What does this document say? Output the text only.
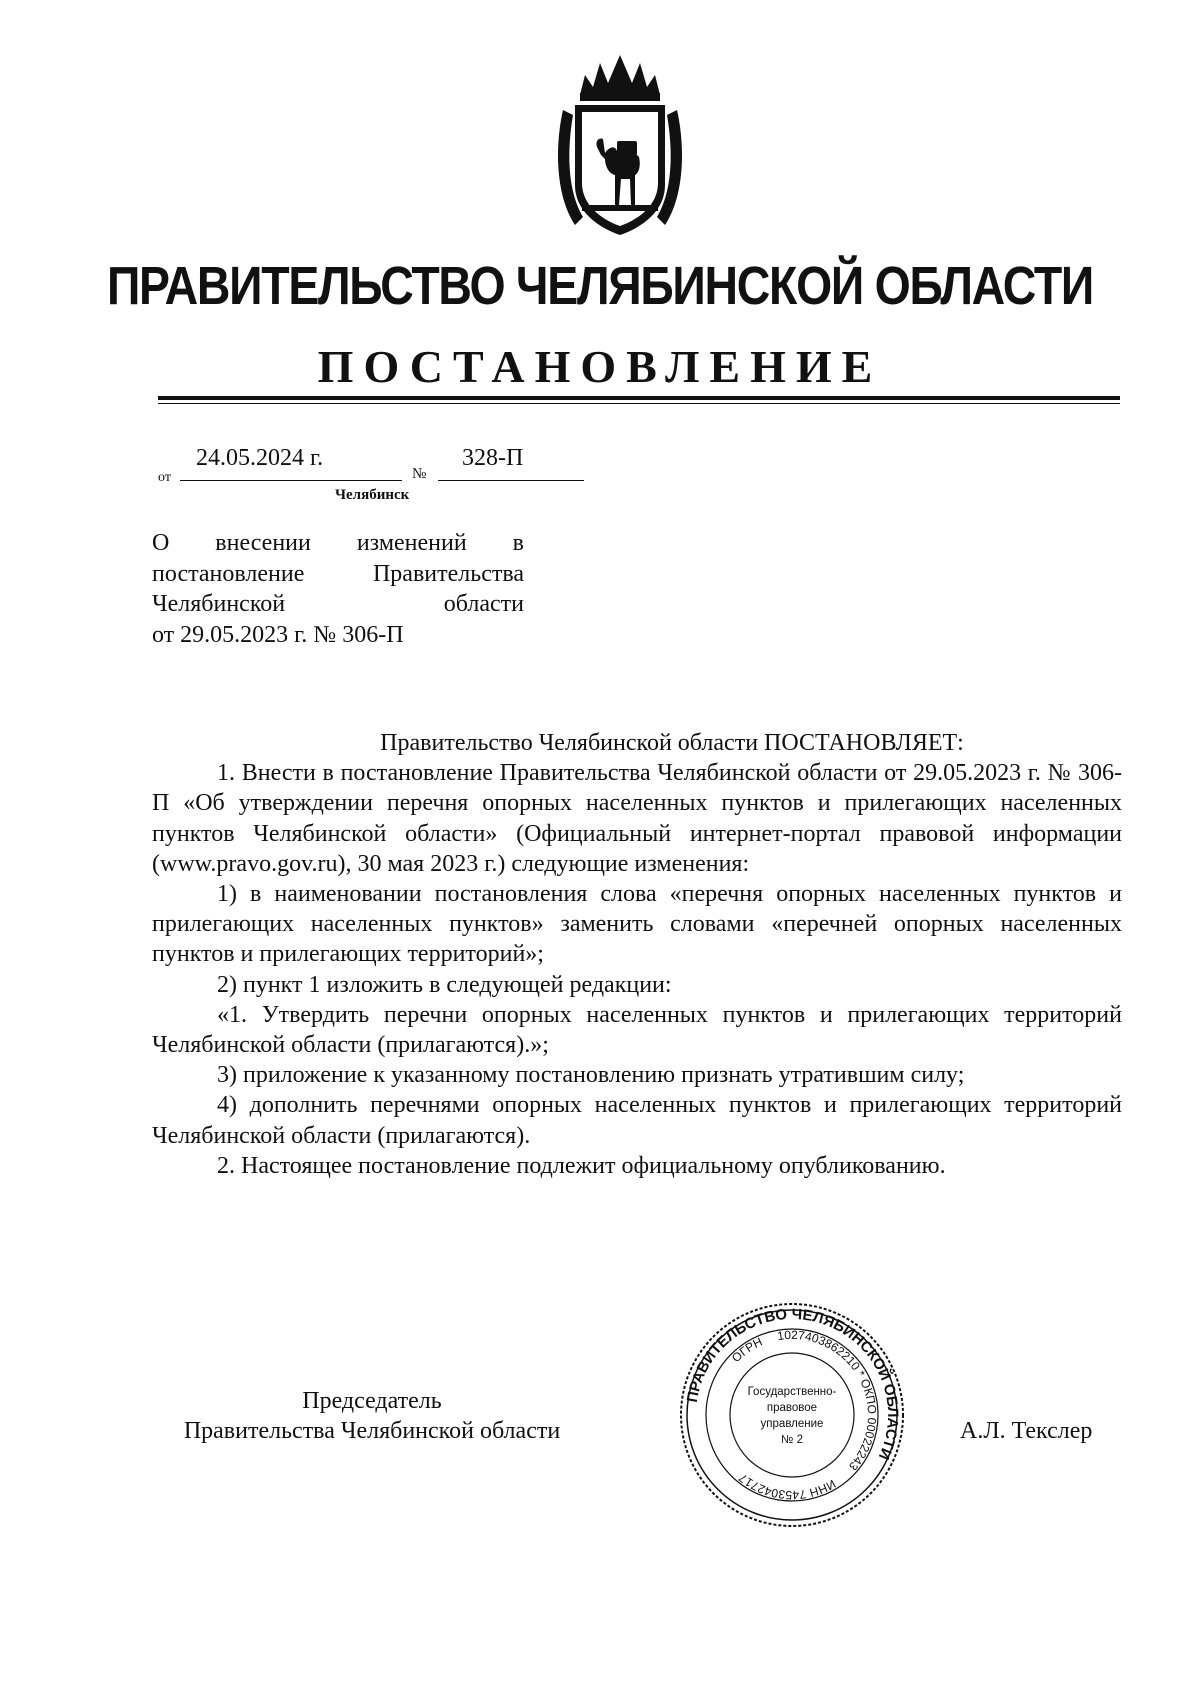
ПРАВИТЕЛЬСТВО ЧЕЛЯБИНСКОЙ ОБЛАСТИ
ПОСТАНОВЛЕНИЕ
от
24.05.2024 г.
№
328-П
Челябинск
О внесении изменений в
постановление Правительства
Челябинской области
от 29.05.2023 г. № 306-П

Правительство Челябинской области ПОСТАНОВЛЯЕТ:

1. Внести в постановление Правительства Челябинской области от 29.05.2023 г. № 306-П «Об утверждении перечня опорных населенных пунктов и прилегающих населенных пунктов Челябинской области» (Официальный интернет-портал правовой информации (www.pravo.gov.ru), 30 мая 2023 г.) следующие изменения:

1) в наименовании постановления слова «перечня опорных населенных пунктов и прилегающих населенных пунктов» заменить словами «перечней опорных населенных пунктов и прилегающих территорий»;

2) пункт 1 изложить в следующей редакции:

«1. Утвердить перечни опорных населенных пунктов и прилегающих территорий Челябинской области (прилагаются).»;

3) приложение к указанному постановлению признать утратившим силу;

4) дополнить перечнями опорных населенных пунктов и прилегающих территорий Челябинской области (прилагаются).

2. Настоящее постановление подлежит официальному опубликованию.

Председатель
Правительства Челябинской области	А.Л. Текслер
ПРАВИТЕЛЬСТВО ЧЕЛЯБИНСКОЙ ОБЛАСТИ
1027403862210 * ОКПО 00022243
ИНН 7453042717
ОГРН
Государственно-
правовое
управление
№ 2
